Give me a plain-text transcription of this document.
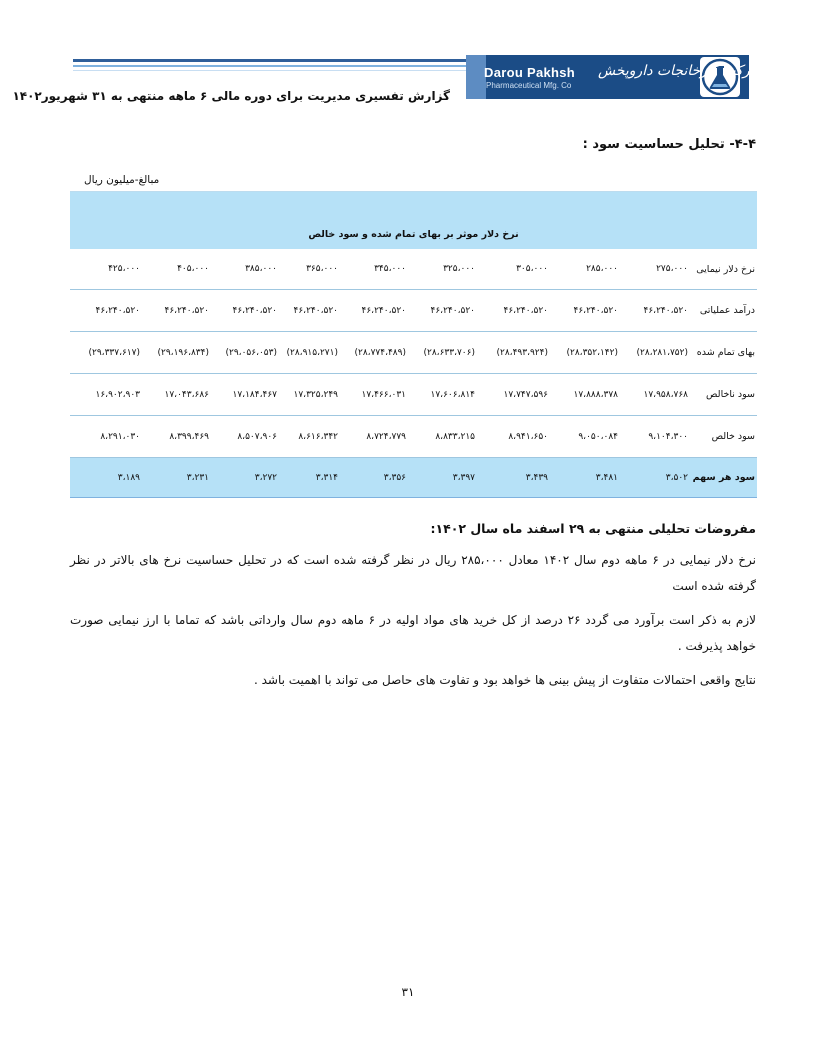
Darou Pakhsh
Pharmaceutical Mfg. Co
شرکت کارخانجات داروپخش
گزارش تفسیری مدیریت برای دوره مالی ۶ ماهه منتهی به ۳۱ شهریور۱۴۰۲
۴-۴- تحلیل حساسیت سود :
مبالغ-میلیون ریال
نرخ دلار موثر بر بهای تمام شده و سود خالص
نرخ دلار نیمایی
۲۷۵،۰۰۰
۲۸۵،۰۰۰
۳۰۵،۰۰۰
۳۲۵،۰۰۰
۳۴۵،۰۰۰
۳۶۵،۰۰۰
۳۸۵،۰۰۰
۴۰۵،۰۰۰
۴۲۵،۰۰۰
درآمد عملیاتی
۴۶،۲۴۰،۵۲۰
۴۶،۲۴۰،۵۲۰
۴۶،۲۴۰،۵۲۰
۴۶،۲۴۰،۵۲۰
۴۶،۲۴۰،۵۲۰
۴۶،۲۴۰،۵۲۰
۴۶،۲۴۰،۵۲۰
۴۶،۲۴۰،۵۲۰
۴۶،۲۴۰،۵۲۰
بهای تمام شده
(۲۸،۲۸۱،۷۵۲)
(۲۸،۳۵۲،۱۴۲)
(۲۸،۴۹۳،۹۲۴)
(۲۸،۶۳۳،۷۰۶)
(۲۸،۷۷۴،۴۸۹)
(۲۸،۹۱۵،۲۷۱)
(۲۹،۰۵۶،۰۵۳)
(۲۹،۱۹۶،۸۳۴)
(۲۹،۳۳۷،۶۱۷)
سود ناخالص
۱۷،۹۵۸،۷۶۸
۱۷،۸۸۸،۳۷۸
۱۷،۷۴۷،۵۹۶
۱۷،۶۰۶،۸۱۴
۱۷،۴۶۶،۰۳۱
۱۷،۳۲۵،۲۴۹
۱۷،۱۸۴،۴۶۷
۱۷،۰۴۳،۶۸۶
۱۶،۹۰۲،۹۰۳
سود خالص
۹،۱۰۴،۳۰۰
۹،۰۵۰،۰۸۴
۸،۹۴۱،۶۵۰
۸،۸۳۳،۲۱۵
۸،۷۲۴،۷۷۹
۸،۶۱۶،۳۴۲
۸،۵۰۷،۹۰۶
۸،۳۹۹،۴۶۹
۸،۲۹۱،۰۳۰
سود هر سهم
۳،۵۰۲
۳،۴۸۱
۳،۴۳۹
۳،۳۹۷
۳،۳۵۶
۳،۳۱۴
۳،۲۷۲
۳،۲۳۱
۳،۱۸۹
مفروضات تحلیلی منتهی به ۲۹ اسفند ماه سال ۱۴۰۲:
نرخ دلار نیمایی در ۶ ماهه دوم سال ۱۴۰۲ معادل ۲۸۵،۰۰۰ ریال در نظر گرفته شده است که در تحلیل حساسیت نرخ های بالاتر در نظر گرفته شده است
لازم به ذکر است برآورد می گردد ۲۶ درصد از کل خرید های مواد اولیه در ۶ ماهه دوم سال وارداتی باشد که تماما با ارز نیمایی صورت خواهد پذیرفت .
نتایج واقعی احتمالات متفاوت از پیش بینی ها خواهد بود و تفاوت های حاصل می تواند با اهمیت باشد .
۳۱
